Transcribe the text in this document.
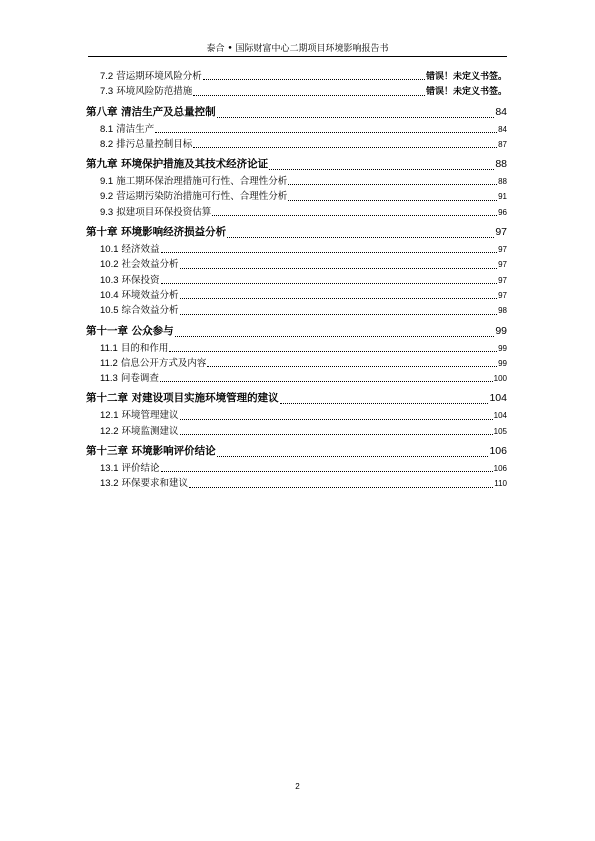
泰合 • 国际财富中心二期项目环境影响报告书
7.2 营运期环境风险分析	错误！未定义书签。
7.3 环境风险防范措施	错误！未定义书签。
第八章 清洁生产及总量控制	84
8.1 清洁生产	84
8.2 排污总量控制目标	87
第九章 环境保护措施及其技术经济论证	88
9.1 施工期环保治理措施可行性、合理性分析	88
9.2 营运期污染防治措施可行性、合理性分析	91
9.3 拟建项目环保投资估算	96
第十章 环境影响经济损益分析	97
10.1 经济效益	97
10.2 社会效益分析	97
10.3 环保投资	97
10.4 环境效益分析	97
10.5 综合效益分析	98
第十一章 公众参与	99
11.1 目的和作用	99
11.2 信息公开方式及内容	99
11.3 问卷调查	100
第十二章 对建设项目实施环境管理的建议	104
12.1 环境管理建议	104
12.2 环境监测建议	105
第十三章 环境影响评价结论	106
13.1 评价结论	106
13.2 环保要求和建议	110
2
